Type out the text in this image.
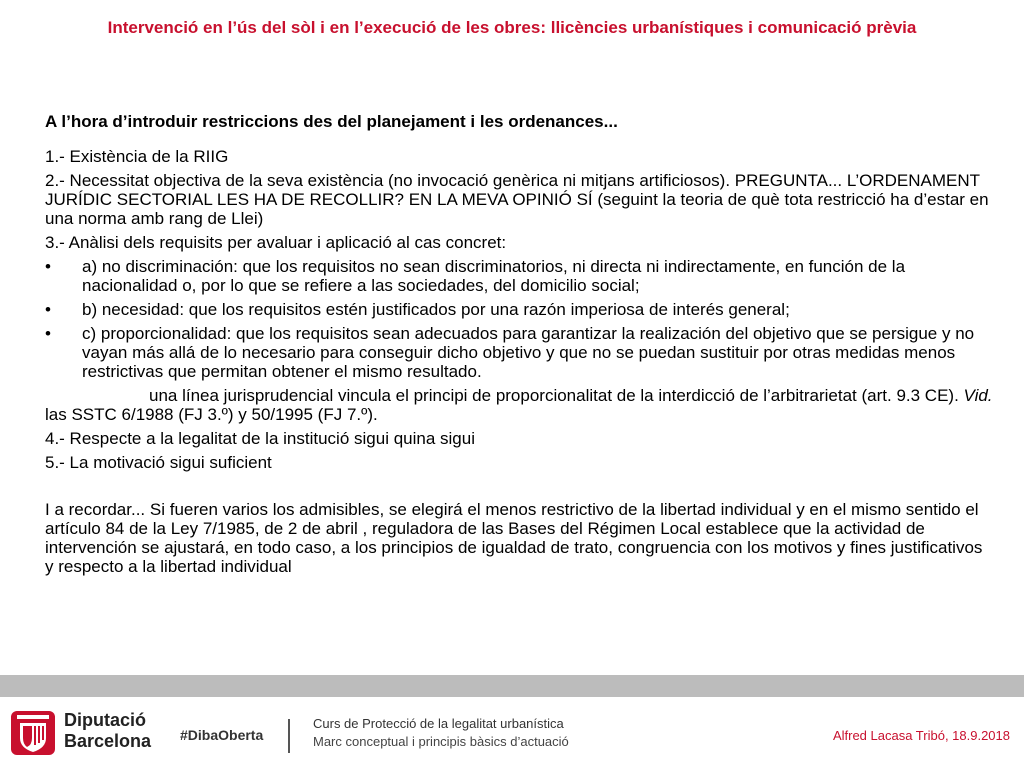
Intervenció en l’ús del sòl i en l’execució de les obres: llicències urbanístiques i comunicació prèvia

A l’hora d’introduir restriccions des del planejament i les ordenances...

1.- Existència de la RIIG

2.- Necessitat objectiva de la seva existència (no invocació genèrica ni mitjans artificiosos). PREGUNTA... L’ORDENAMENT JURÍDIC SECTORIAL LES HA DE RECOLLIR? EN LA MEVA OPINIÓ SÍ (seguint la teoria de què tota restricció ha d’estar en una norma amb rang de Llei)

3.- Anàlisi dels requisits per avaluar i aplicació al cas concret:

• a) no discriminación: que los requisitos no sean discriminatorios, ni directa ni indirectamente, en función de la nacionalidad o, por lo que se refiere a las sociedades, del domicilio social;
• b) necesidad: que los requisitos estén justificados por una razón imperiosa de interés general;
• c) proporcionalidad: que los requisitos sean adecuados para garantizar la realización del objetivo que se persigue y no vayan más allá de lo necesario para conseguir dicho objetivo y que no se puedan sustituir por otras medidas menos restrictivas que permitan obtener el mismo resultado.

una línea jurisprudencial vincula el principi de proporcionalitat de la interdicció de l’arbitrarietat (art. 9.3 CE). Vid. las SSTC 6/1988 (FJ 3.º) y 50/1995 (FJ 7.º).

4.- Respecte a la legalitat de la institució sigui quina sigui

5.- La motivació sigui suficient

I a recordar... Si fueren varios los admisibles, se elegirá el menos restrictivo de la libertad individual y en el mismo sentido el artículo 84 de la Ley 7/1985, de 2 de abril , reguladora de las Bases del Régimen Local establece que la actividad de intervención se ajustará, en todo caso, a los principios de igualdad de trato, congruencia con los motivos y fines justificativos y respecto a la libertad individual

Diputació
Barcelona #DibaOberta
Curs de Protecció de la legalitat urbanística
Marc conceptual i principis bàsics d’actuació	Alfred Lacasa Tribó, 18.9.2018
